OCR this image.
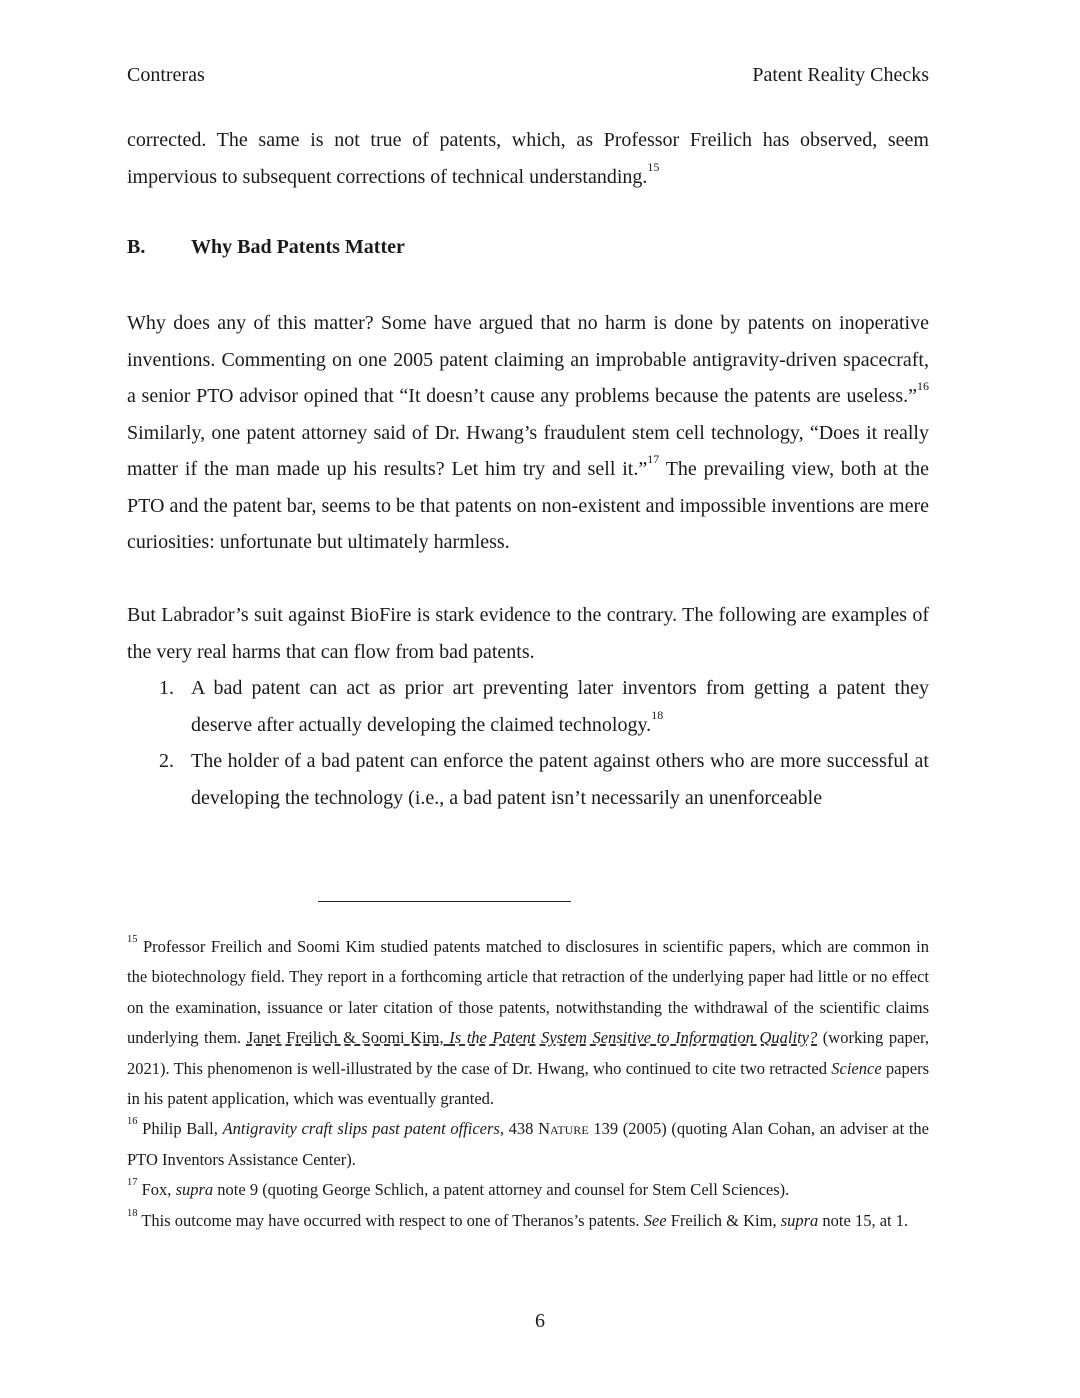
Contreras	Patent Reality Checks
corrected. The same is not true of patents, which, as Professor Freilich has observed, seem impervious to subsequent corrections of technical understanding.$^{15}$
B. Why Bad Patents Matter
Why does any of this matter? Some have argued that no harm is done by patents on inoperative inventions. Commenting on one 2005 patent claiming an improbable antigravity-driven spacecraft, a senior PTO advisor opined that “It doesn’t cause any problems because the patents are useless.”$^{16}$ Similarly, one patent attorney said of Dr. Hwang’s fraudulent stem cell technology, “Does it really matter if the man made up his results? Let him try and sell it.”$^{17}$ The prevailing view, both at the PTO and the patent bar, seems to be that patents on non-existent and impossible inventions are mere curiosities: unfortunate but ultimately harmless.
But Labrador’s suit against BioFire is stark evidence to the contrary. The following are examples of the very real harms that can flow from bad patents.
1. A bad patent can act as prior art preventing later inventors from getting a patent they deserve after actually developing the claimed technology.$^{18}$
2. The holder of a bad patent can enforce the patent against others who are more successful at developing the technology (i.e., a bad patent isn’t necessarily an unenforceable

$^{15}$ Professor Freilich and Soomi Kim studied patents matched to disclosures in scientific papers, which are common in the biotechnology field. They report in a forthcoming article that retraction of the underlying paper had little or no effect on the examination, issuance or later citation of those patents, notwithstanding the withdrawal of the scientific claims underlying them. Janet Freilich & Soomi Kim, Is the Patent System Sensitive to Information Quality? (working paper, 2021). This phenomenon is well-illustrated by the case of Dr. Hwang, who continued to cite two retracted Science papers in his patent application, which was eventually granted.

$^{16}$ Philip Ball, Antigravity craft slips past patent officers, 438 Nature 139 (2005) (quoting Alan Cohan, an adviser at the PTO Inventors Assistance Center).

$^{17}$ Fox, supra note 9 (quoting George Schlich, a patent attorney and counsel for Stem Cell Sciences).

$^{18}$ This outcome may have occurred with respect to one of Theranos’s patents. See Freilich & Kim, supra note 15, at 1.

6
